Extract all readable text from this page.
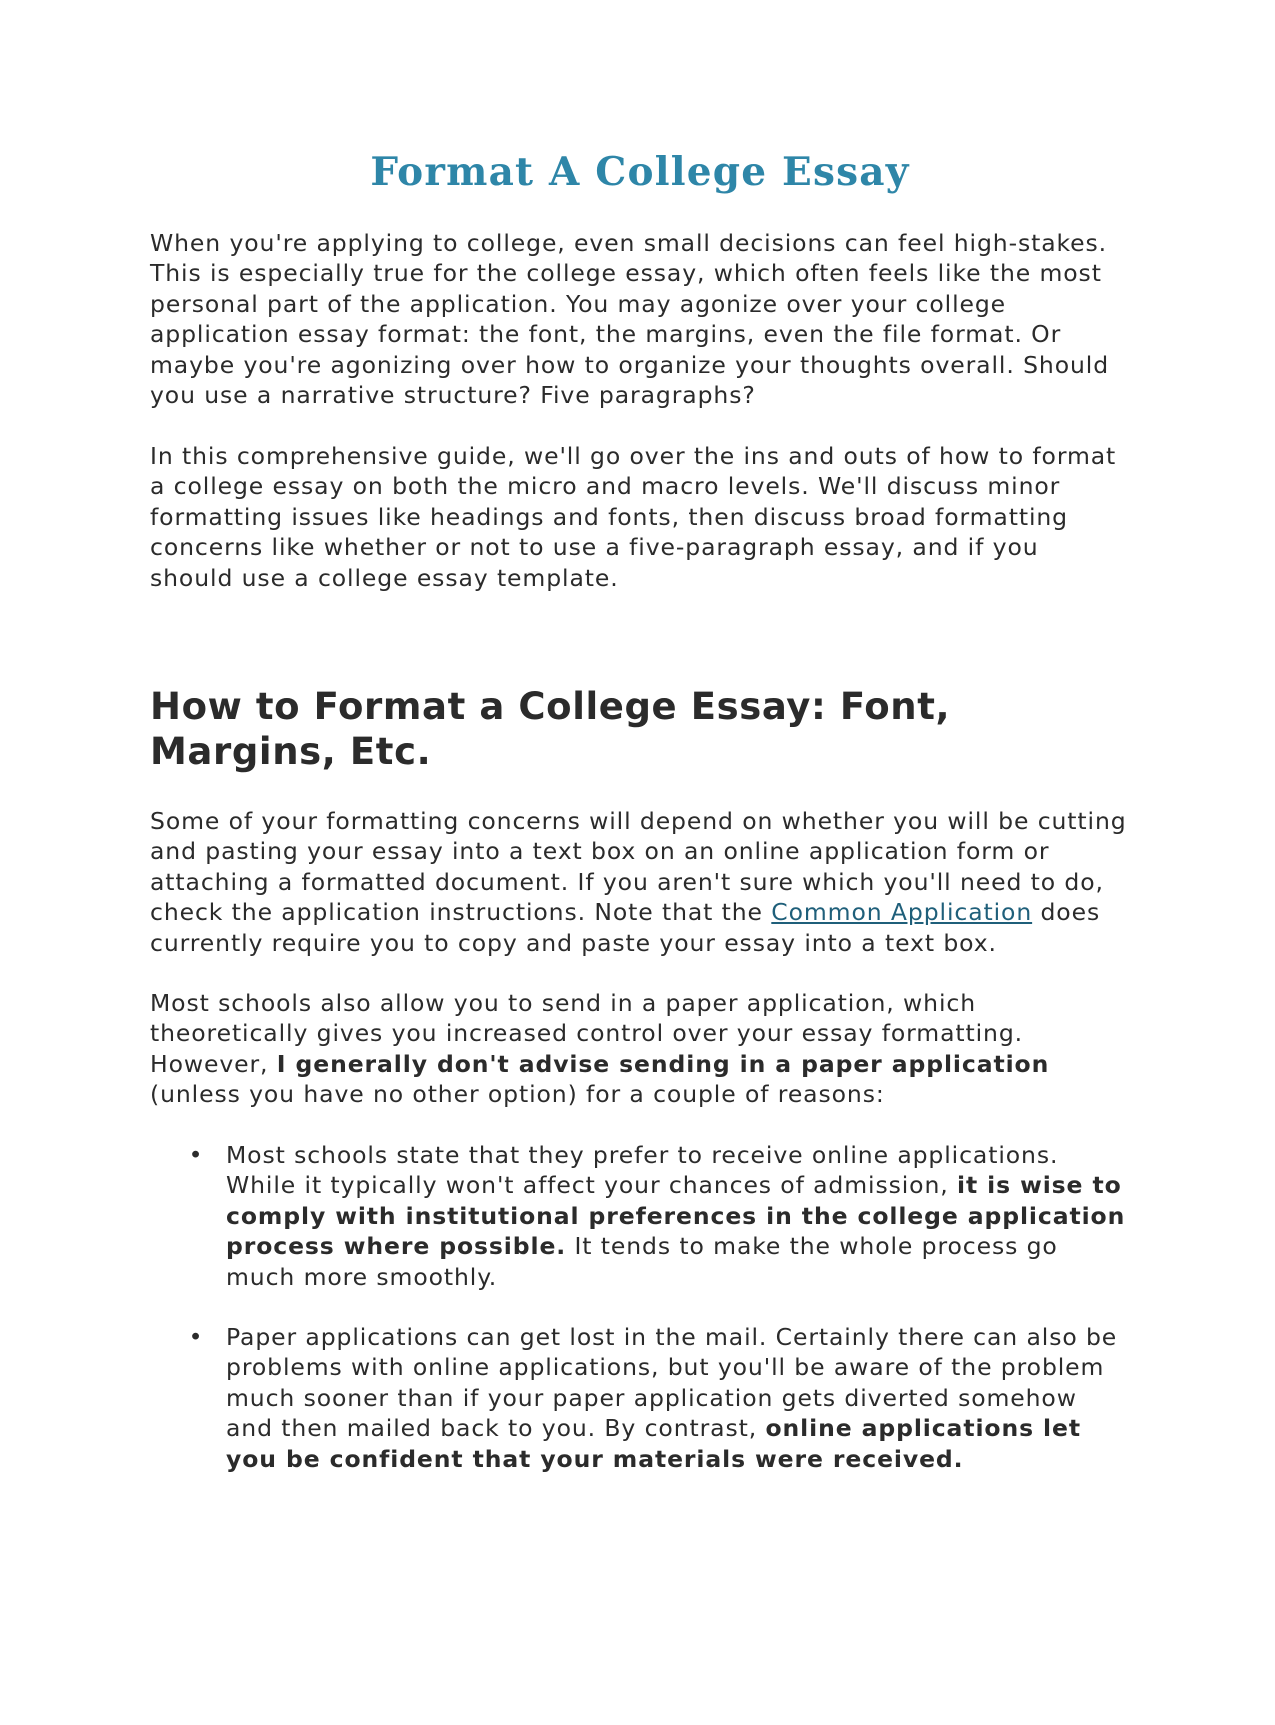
Format A College Essay

When you're applying to college, even small decisions can feel high-stakes. This is especially true for the college essay, which often feels like the most personal part of the application. You may agonize over your college application essay format: the font, the margins, even the file format. Or maybe you're agonizing over how to organize your thoughts overall. Should you use a narrative structure? Five paragraphs?

In this comprehensive guide, we'll go over the ins and outs of how to format a college essay on both the micro and macro levels. We'll discuss minor formatting issues like headings and fonts, then discuss broad formatting concerns like whether or not to use a five-paragraph essay, and if you should use a college essay template.

How to Format a College Essay: Font, Margins, Etc.

Some of your formatting concerns will depend on whether you will be cutting and pasting your essay into a text box on an online application form or attaching a formatted document. If you aren't sure which you'll need to do, check the application instructions. Note that the Common Application does currently require you to copy and paste your essay into a text box.

Most schools also allow you to send in a paper application, which theoretically gives you increased control over your essay formatting. However, I generally don't advise sending in a paper application (unless you have no other option) for a couple of reasons:

• Most schools state that they prefer to receive online applications. While it typically won't affect your chances of admission, it is wise to comply with institutional preferences in the college application process where possible. It tends to make the whole process go much more smoothly.
• Paper applications can get lost in the mail. Certainly there can also be problems with online applications, but you'll be aware of the problem much sooner than if your paper application gets diverted somehow and then mailed back to you. By contrast, online applications let you be confident that your materials were received.
